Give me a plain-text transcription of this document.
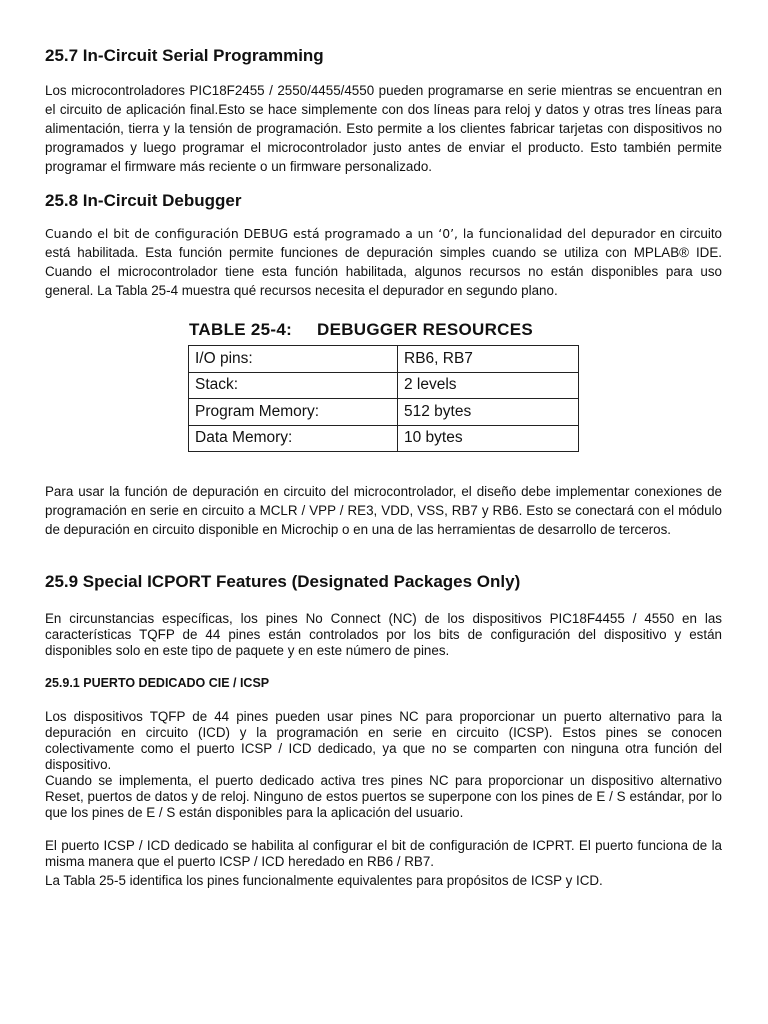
25.7 In-Circuit Serial Programming

Los microcontroladores PIC18F2455 / 2550/4455/4550 pueden programarse en serie mientras se encuentran en el circuito de aplicación final.Esto se hace simplemente con dos líneas para reloj y datos y otras tres líneas para alimentación, tierra y la tensión de programación. Esto permite a los clientes fabricar tarjetas con dispositivos no programados y luego programar el microcontrolador justo antes de enviar el producto. Esto también permite programar el firmware más reciente o un firmware personalizado.

25.8 In-Circuit Debugger

Cuando el bit de configuración DEBUG está programado a un ‘0’, la funcionalidad del depurador en circuito está habilitada. Esta función permite funciones de depuración simples cuando se utiliza con MPLAB® IDE. Cuando el microcontrolador tiene esta función habilitada, algunos recursos no están disponibles para uso general. La Tabla 25-4 muestra qué recursos necesita el depurador en segundo plano.

TABLE 25-4: DEBUGGER RESOURCES
I/O pins:	RB6, RB7
Stack:	2 levels
Program Memory:	512 bytes
Data Memory:	10 bytes

Para usar la función de depuración en circuito del microcontrolador, el diseño debe implementar conexiones de programación en serie en circuito a MCLR / VPP / RE3, VDD, VSS, RB7 y RB6. Esto se conectará con el módulo de depuración en circuito disponible en Microchip o en una de las herramientas de desarrollo de terceros.

25.9 Special ICPORT Features (Designated Packages Only)

En circunstancias específicas, los pines No Connect (NC) de los dispositivos PIC18F4455 / 4550 en las características TQFP de 44 pines están controlados por los bits de configuración del dispositivo y están disponibles solo en este tipo de paquete y en este número de pines.

25.9.1 PUERTO DEDICADO CIE / ICSP

Los dispositivos TQFP de 44 pines pueden usar pines NC para proporcionar un puerto alternativo para la depuración en circuito (ICD) y la programación en serie en circuito (ICSP). Estos pines se conocen colectivamente como el puerto ICSP / ICD dedicado, ya que no se comparten con ninguna otra función del dispositivo.

Cuando se implementa, el puerto dedicado activa tres pines NC para proporcionar un dispositivo alternativo Reset, puertos de datos y de reloj. Ninguno de estos puertos se superpone con los pines de E / S estándar, por lo que los pines de E / S están disponibles para la aplicación del usuario.

El puerto ICSP / ICD dedicado se habilita al configurar el bit de configuración de ICPRT. El puerto funciona de la misma manera que el puerto ICSP / ICD heredado en RB6 / RB7.

La Tabla 25-5 identifica los pines funcionalmente equivalentes para propósitos de ICSP y ICD.
